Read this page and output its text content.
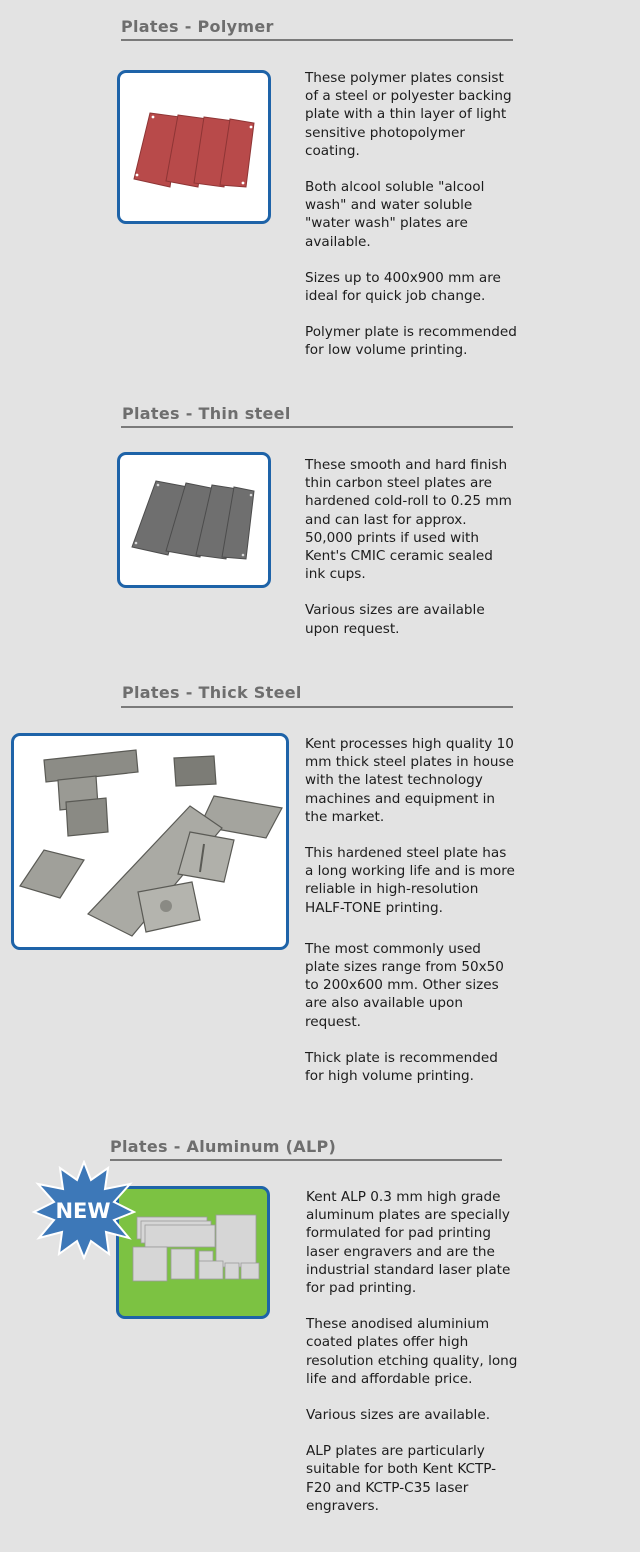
Plates - Polymer

These polymer plates consist of a steel or polyester backing plate with a thin layer of light sensitive photopolymer coating.

Both alcool soluble "alcool wash" and water soluble "water wash" plates are available.

Sizes up to 400x900 mm are ideal for quick job change.

Polymer plate is recommended for low volume printing.

Plates - Thin steel

These smooth and hard finish thin carbon steel plates are hardened cold-roll to 0.25 mm and can last for approx. 50,000 prints if used with Kent's CMIC ceramic sealed ink cups.

Various sizes are available upon request.

Plates - Thick Steel

Kent processes high quality 10 mm thick steel plates in house with the latest technology machines and equipment in the market.

This hardened steel plate has a long working life and is more reliable in high-resolution HALF-TONE printing.

The most commonly used plate sizes range from 50x50 to 200x600 mm. Other sizes are also available upon request.

Thick plate is recommended for high volume printing.

Plates - Aluminum (ALP)
NEW

Kent ALP 0.3 mm high grade aluminum plates are specially formulated for pad printing laser engravers and are the industrial standard laser plate for pad printing.

These anodised aluminium coated plates offer high resolution etching quality, long life and affordable price.

Various sizes are available.

ALP plates are particularly suitable for both Kent KCTP-F20 and KCTP-C35 laser engravers.
